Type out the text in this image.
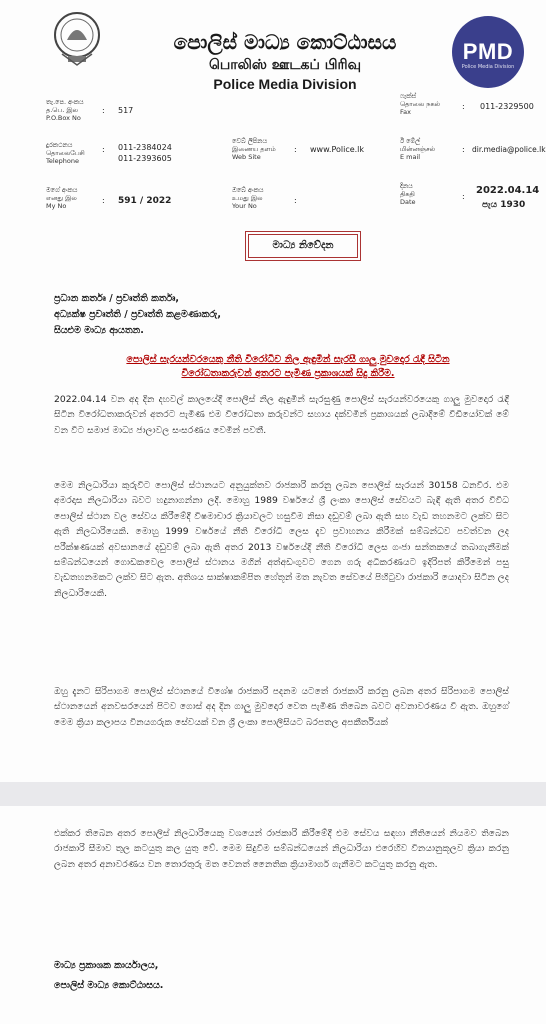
පොලිස් මාධ්‍ය කොට්ඨාසය
பொலிஸ் ஊடகப் பிரிவு
Police Media Division
PMD
Police Media Division
තැ.පෙ. අංකය
த.பெ. இல
P.O.Box No
: 517
ෆැක්ස්
தொலை நகல்
Fax
: 011-2329500
දුරකථනය
தொலைபேசி
Telephone
: 011-2384024
011-2393605
වෙබ් ලිපිනය
இணைய தளம்
Web Site
: www.Police.lk
ඊ මේල්
மின்னஞ்சல்
E mail
: dir.media@police.lk
මගේ අංකය
எனது இல
My No
: 591 / 2022
ඔබේ අංකය
உமது இல
Your No
:
දිනය
திகதி
Date
:
2022.04.14
පැය 1930
මාධ්‍ය නිවේදන
ප්‍රධාන කර්තෘ / ප්‍රවෘත්ති කර්තෘ,
අධ්‍යක්ෂ ප්‍රවෘත්ති / ප්‍රවෘත්ති කළමණාකරු,
සියළුම මාධ්‍ය ආයතන.
පොලිස් සැරයන්වරයෙකු නීති විරෝධීව නිල ඇඳුමින් සැරසී ගාලු මුවදොර රැඳී සිටින විරෝධතාකරුවන් අතරට පැමිණ ප්‍රකාශයක් සිදු කිරීම.
2022.04.14 වන අද දින දහවල් කාලයේදී පොලිස් නිල ඇඳුමින් සැරසුණු පොලිස් සැරයන්වරයෙකු ගාලු මුවදොර රැඳී සිටින විරෝධතාකරුවන් අතරට පැමිණ එම විරෝධතා කරුවන්ට සහාය දක්වමින් ප්‍රකාශයක් ලබාදීමේ වීඩියෝවක් මේ වන විට සමාජ මාධ්‍ය ජාලාවල සංසරණය වෙමින් පවතී.
මෙම නිලධාරියා කුරුවිට පොලිස් ස්ථානයට අනුයුක්තව රාජකාරි කරනු ලබන පොලිස් සැරයන් 30158 ධනවීර. එම අමරදාස නිලධාරියා බවට හදුනාගන්නා ලදී. මොහු 1989 වර්ෂයේ ශ්‍රී ලංකා පොලිස් සේවයට බැඳී ඇති අතර විවිධ පොලිස් ස්ථාන වල සේවය කිරීමේදී විෂමාචාර ක්‍රියාවලට හසුවීම නිසා දඩුවම් ලබා ඇති සහ වැඩ තහනමට ලක්ව සිට ඇති නිලධාරියෙකි. මොහු 1999 වර්ෂයේ නීති විරෝධී ලෙස දැව ප්‍රවාහනය කිරීමක් සම්බන්ධව පවත්වන ලද පරීක්ෂණයක් අවසානයේ දඩුවම් ලබා ඇති අතර 2013 වර්ෂයේදී නීති විරෝධී ලෙස ගංජා සන්තකයේ තබාගැනීමක් සම්බන්ධයෙන් ගොඩකවෙල පොලිස් ස්ථානය මගින් අත්අඩංගුවට ගෙන ගරු අධිකරණයට ඉදිරිපත් කිරීමෙන් පසු වැඩතහනමකට ලක්ව සිට ඇත. අතිශය සාක්ෂාකම්පිත හේතූන් මත නැවත සේවයේ පිහිටුවා රාජකාරි යොදවා සිටින ලද නිලධාරියෙකි.
ඔහු දැනට සිරිපාගම පොලිස් ස්ථානයේ විශේෂ රාජකාරි පදනම යටතේ රාජකාරි කරනු ලබන අතර සිරිපාගම පොලිස් ස්ථානයෙන් අනවසරයෙන් පිටව ගොස් අද දින ගාලු මුවදොර වෙත පැමිණ තිබෙන බවට අවනාවරණය වී ඇත. ඔහුගේ මෙම ක්‍රියා කලාපය විනයගරුක සේවයක් වන ශ්‍රී ලංකා පොලීසියට බරපතල අපකීර්තියක්
එක්කර තිබෙන අතර පොලිස් නිලධාරියෙකු වශයෙන් රාජකාරි කිරීමේදී එම සේවය සඳහා නීතියෙන් නියමව තිබෙන රාජකාරි සීමාව තුල කටයුතු කල යුතු වේ. මෙම සිදුවීම සම්බන්ධයෙන් නිලධාරියා එරෙහිව විනයානුකූලව ක්‍රියා කරනු ලබන අතර අනාවරණය වන තොරතුරු මත වෙනත් නෛතික ක්‍රියාමාර්ග ගැනීමට කටයුතු කරනු ඇත.
මාධ්‍ය ප්‍රකාශක කාර්යාලය,
පොලිස් මාධ්‍ය කොට්ඨාසය.
